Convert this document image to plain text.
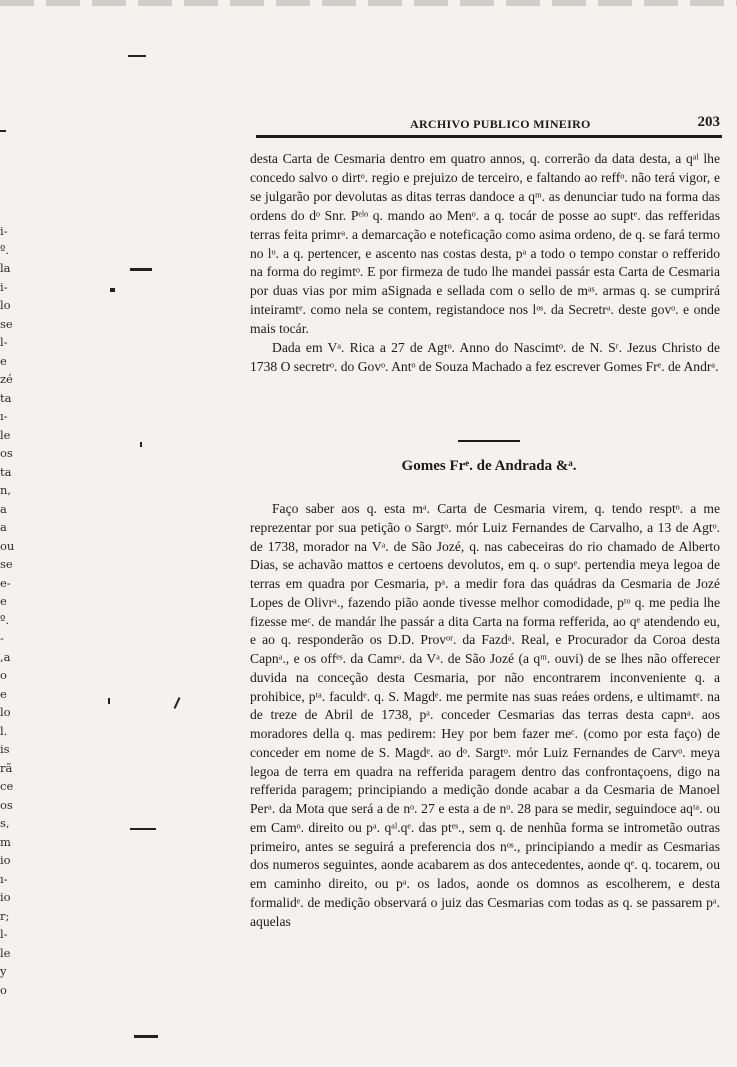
i-
º.
la
i-
lo
se
l-
e
zé
ta
ı-
le
os
ta
n,
a
a
ou
se
e-
e
º.
-
,a
o
e
lo
l.
is
rã
ce
os
s,
m
io
ı-
io
r;
l-
le
y
o
ARCHIVO PUBLICO MINEIRO	203

desta Carta de Cesmaria dentro em quatro annos, q. correrão da data desta, a qᵃˡ lhe concedo salvo o dirtᵒ. regio e prejuizo de terceiro, e faltando ao reffᵒ. não terá vigor, e se julgarão por devolutas as ditas terras dandoce a qᵐ. as denunciar tudo na forma das ordens do dᵒ Snr. Pᵉˡᵒ q. mando ao Menᵒ. a q. tocár de posse ao suptᵉ. das refferidas terras feita primrᵃ. a demarcação e noteficação como asima ordeno, de q. se fará termo no lᵒ. a q. pertencer, e ascento nas costas desta, pᵃ a todo o tempo constar o refferido na forma do regimtᵒ. E por firmeza de tudo lhe mandei passár esta Carta de Cesmaria por duas vias por mim aSignada e sellada com o sello de mᵃˢ. armas q. se cumprirá inteiramtᵉ. como nela se contem, registandoce nos lᵒˢ. da Secretrᵃ. deste govᵒ. e onde mais tocár.

Dada em Vᵃ. Rica a 27 de Agtᵒ. Anno do Nascimtᵒ. de N. Sʳ. Jezus Christo de 1738 O secretrᵒ. do Govᵒ. Antᵒ de Souza Machado a fez escrever Gomes Frᵉ. de Andrᵃ.

Gomes Frᵉ. de Andrada &ᵃ.

Faço saber aos q. esta mᵃ. Carta de Cesmaria virem, q. tendo resptᵒ. a me reprezentar por sua petição o Sargtᵒ. mór Luiz Fernandes de Carvalho, a 13 de Agtᵒ. de 1738, morador na Vᵃ. de São Jozé, q. nas cabeceiras do rio chamado de Alberto Dias, se achavão mattos e certoens devolutos, em q. o supᵉ. pertendia meya legoa de terras em quadra por Cesmaria, pᵃ. a medir fora das quádras da Cesmaria de Jozé Lopes de Olivrᵃ., fazendo pião aonde tivesse melhor comodidade, pᵗᵒ q. me pedia lhe fizesse meᶜ. de mandár lhe passár a dita Carta na forma refferida, ao qᵉ atendendo eu, e ao q. responderão os D.D. Provᵒʳ. da Fazdᵃ. Real, e Procurador da Coroa desta Capnᵃ., e os offᵉˢ. da Camrᵃ. da Vᵃ. de São Jozé (a qᵐ. ouvi) de se lhes não offerecer duvida na conceção desta Cesmaria, por não encontrarem inconveniente q. a prohibice, pᵗᵃ. faculdᵉ. q. S. Magdᵉ. me permite nas suas reáes ordens, e ultimamtᵉ. na de treze de Abril de 1738, pᵃ. conceder Cesmarias das terras desta capnᵃ. aos moradores della q. mas pedirem: Hey por bem fazer meᶜ. (como por esta faço) de conceder em nome de S. Magdᵉ. ao dᵒ. Sargtᵒ. mór Luiz Fernandes de Carvᵒ. meya legoa de terra em quadra na refferida paragem dentro das confrontaçoens, digo na refferida paragem; principiando a medição donde acabar a da Cesmaria de Manoel Perᵃ. da Mota que será a de nᵒ. 27 e esta a de nᵒ. 28 para se medir, seguindoce aqᵗᵃ. ou em Camᵒ. direito ou pᵃ. qᵃˡ.qᵉ. das ptᵉˢ., sem q. de nenhũa forma se intrometão outras primeiro, antes se seguirá a preferencia dos nᵒˢ., principiando a medir as Cesmarias dos numeros seguintes, aonde acabarem as dos antecedentes, aonde qᵉ. q. tocarem, ou em caminho direito, ou pᵃ. os lados, aonde os domnos as escolherem, e desta formalidᵉ. de medição observará o juiz das Cesmarias com todas as q. se passarem pᵃ. aquelas
